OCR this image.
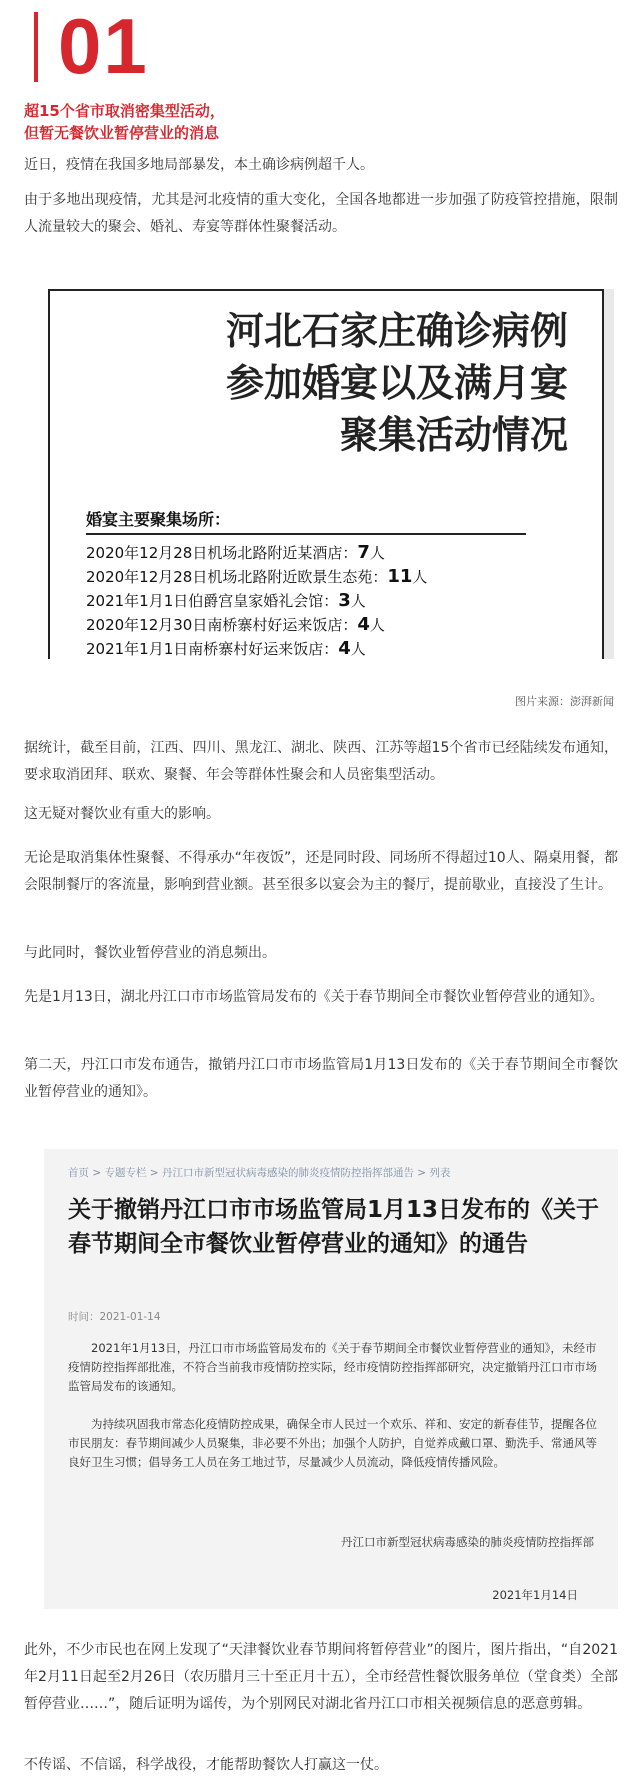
01
超15个省市取消密集型活动，
但暂无餐饮业暂停营业的消息

近日，疫情在我国多地局部暴发，本土确诊病例超千人。

由于多地出现疫情，尤其是河北疫情的重大变化，全国各地都进一步加强了防疫管控措施，限制人流量较大的聚会、婚礼、寿宴等群体性聚餐活动。

河北石家庄确诊病例
参加婚宴以及满月宴
聚集活动情况
婚宴主要聚集场所：
2020年12月28日机场北路附近某酒店：7人
2020年12月28日机场北路附近欧景生态苑：11人
2021年1月1日伯爵宫皇家婚礼会馆：3人
2020年12月30日南桥寨村好运来饭店：4人
2021年1月1日南桥寨村好运来饭店：4人
图片来源：澎湃新闻

据统计，截至目前，江西、四川、黑龙江、湖北、陕西、江苏等超15个省市已经陆续发布通知，要求取消团拜、联欢、聚餐、年会等群体性聚会和人员密集型活动。

这无疑对餐饮业有重大的影响。

无论是取消集体性聚餐、不得承办“年夜饭”，还是同时段、同场所不得超过10人、隔桌用餐，都会限制餐厅的客流量，影响到营业额。甚至很多以宴会为主的餐厅，提前歇业，直接没了生计。

与此同时，餐饮业暂停营业的消息频出。

先是1月13日，湖北丹江口市市场监管局发布的《关于春节期间全市餐饮业暂停营业的通知》。

第二天，丹江口市发布通告，撤销丹江口市市场监管局1月13日发布的《关于春节期间全市餐饮业暂停营业的通知》。

首页 > 专题专栏 > 丹江口市新型冠状病毒感染的肺炎疫情防控指挥部通告 > 列表
关于撤销丹江口市市场监管局1月13日发布的《关于春节期间全市餐饮业暂停营业的通知》的通告
时间：2021-01-14
2021年1月13日，丹江口市市场监管局发布的《关于春节期间全市餐饮业暂停营业的通知》，未经市疫情防控指挥部批准，不符合当前我市疫情防控实际，经市疫情防控指挥部研究，决定撤销丹江口市市场监管局发布的该通知。
为持续巩固我市常态化疫情防控成果，确保全市人民过一个欢乐、祥和、安定的新春佳节，提醒各位市民朋友：春节期间减少人员聚集，非必要不外出；加强个人防护，自觉养成戴口罩、勤洗手、常通风等良好卫生习惯；倡导务工人员在务工地过节，尽量减少人员流动，降低疫情传播风险。
丹江口市新型冠状病毒感染的肺炎疫情防控指挥部
2021年1月14日

此外，不少市民也在网上发现了“天津餐饮业春节期间将暂停营业”的图片，图片指出，“自2021年2月11日起至2月26日（农历腊月三十至正月十五），全市经营性餐饮服务单位（堂食类）全部暂停营业……”，随后证明为谣传，为个别网民对湖北省丹江口市相关视频信息的恶意剪辑。

不传谣、不信谣，科学战役，才能帮助餐饮人打赢这一仗。
